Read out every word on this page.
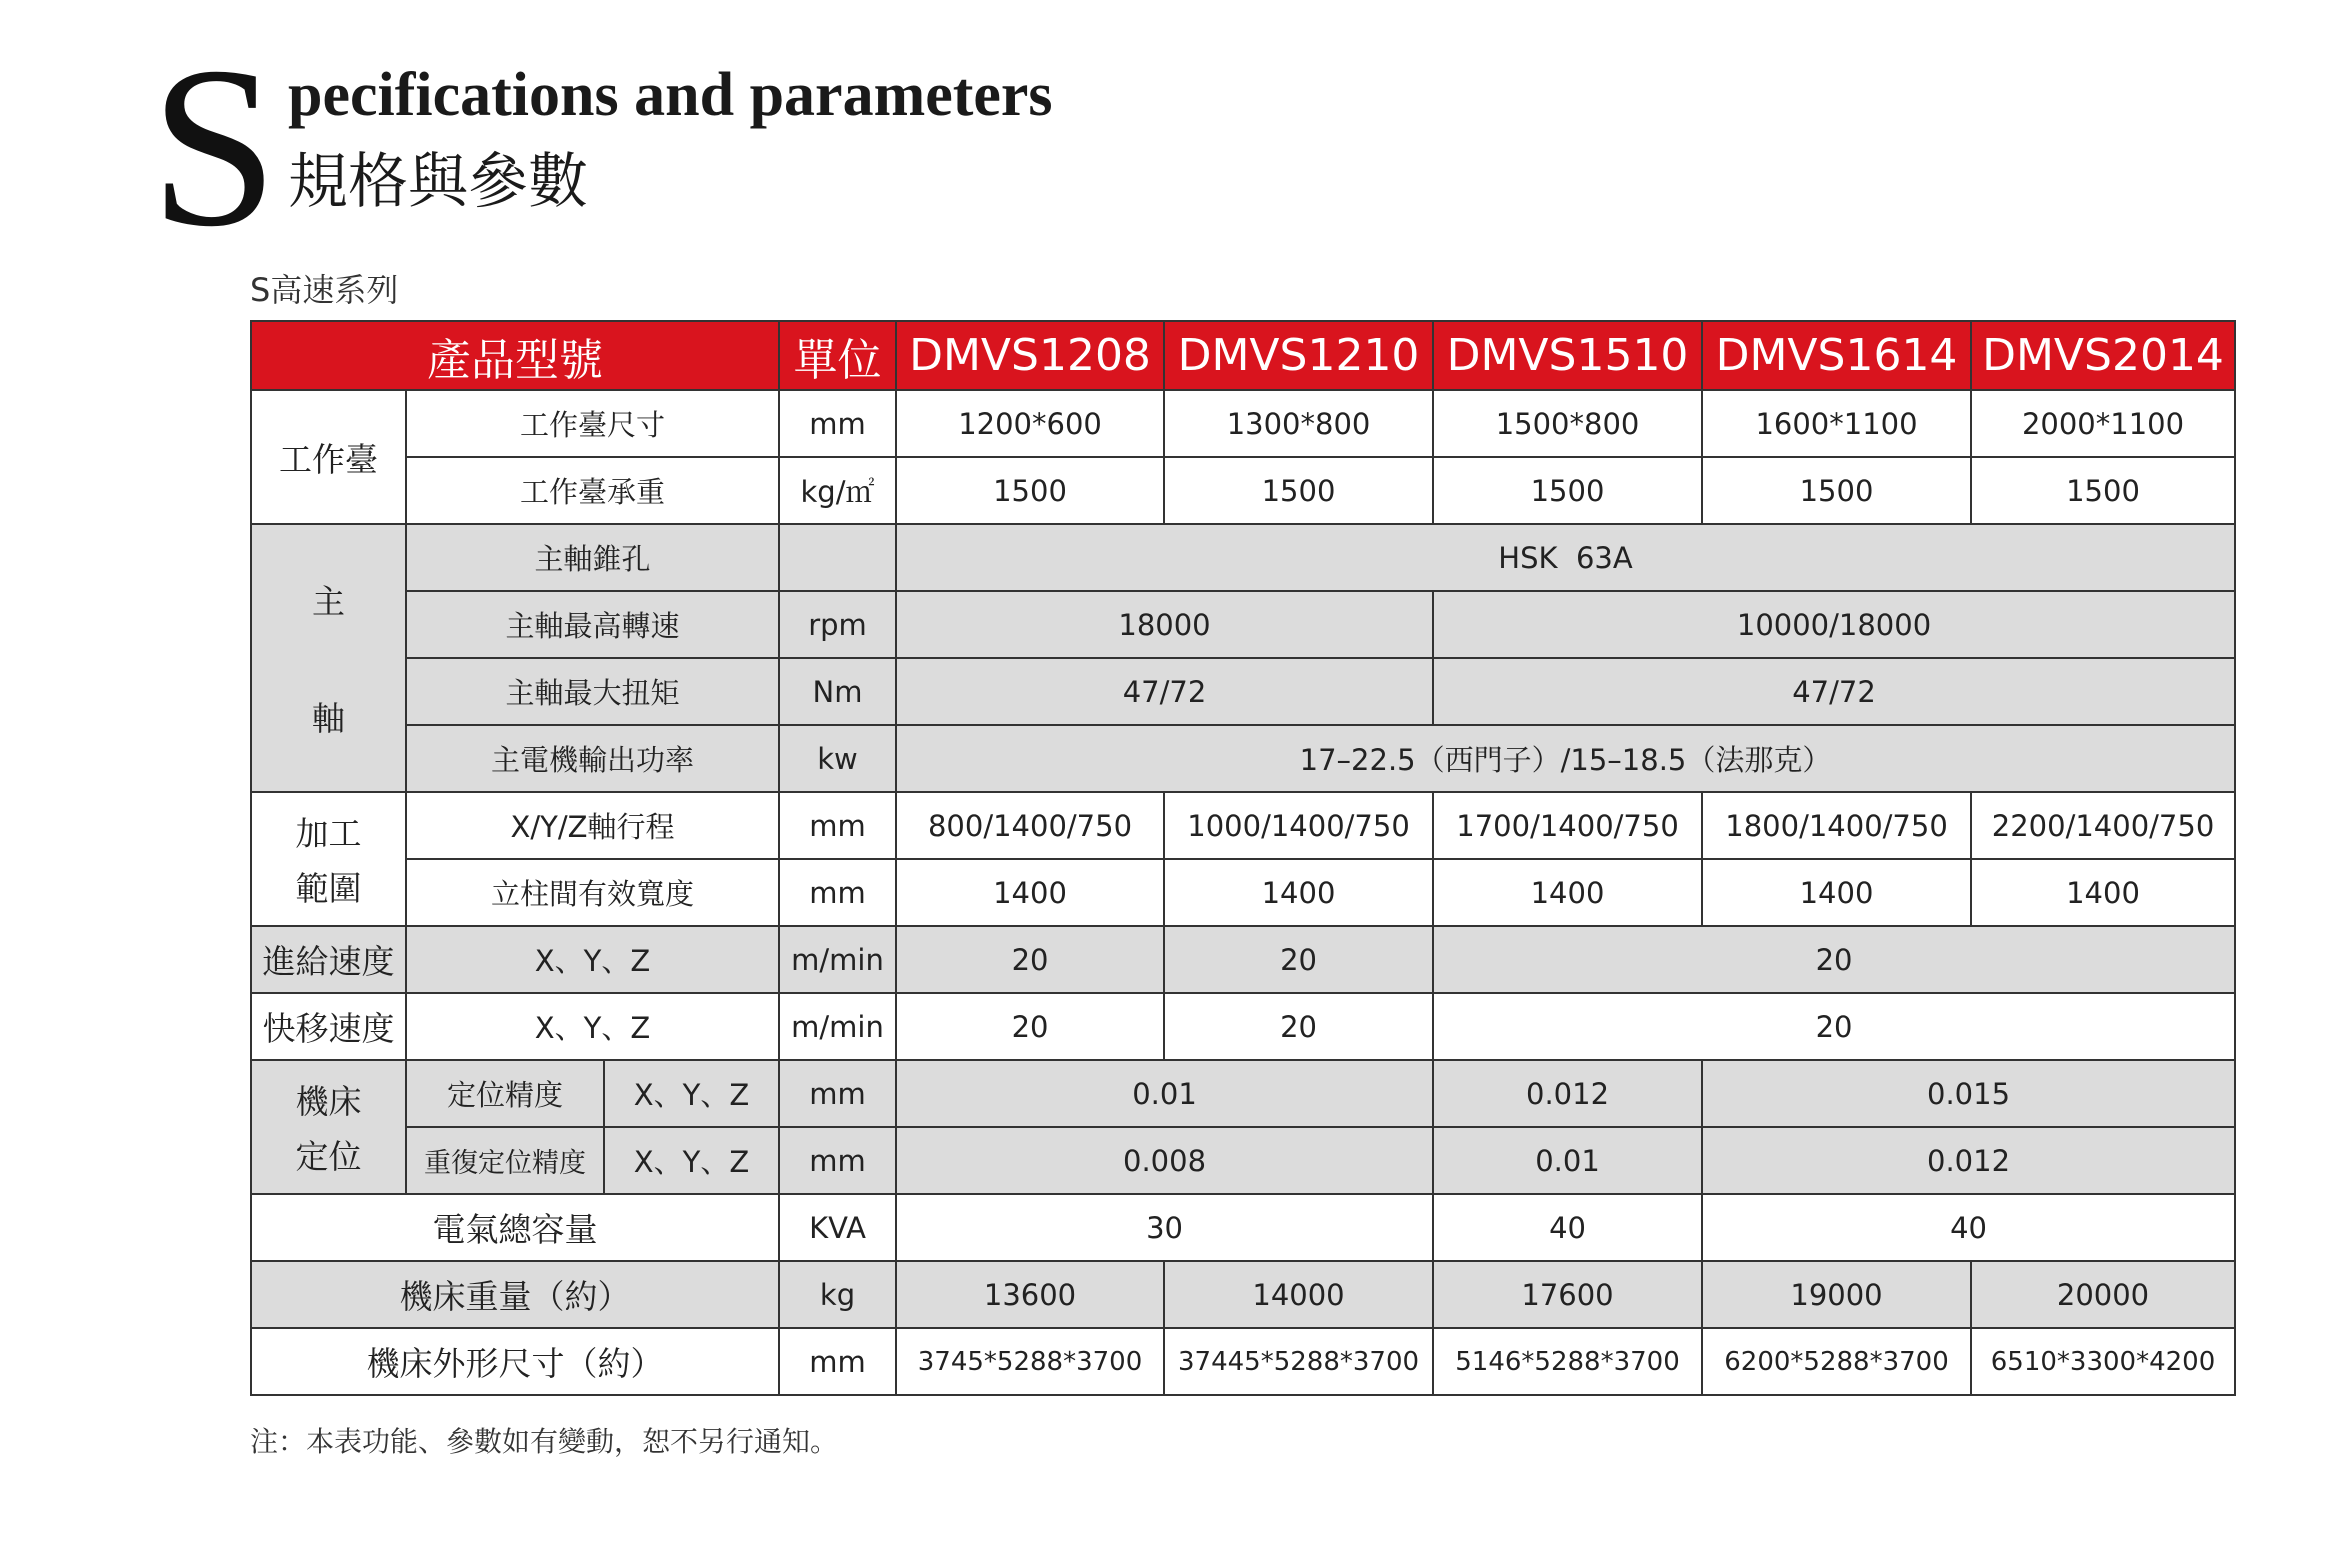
S pecifications and parameters
規格與參數
S高速系列
產品型號			單位	DMVS1208	DMVS1210	DMVS1510	DMVS1614	DMVS2014
工作臺	工作臺尺寸		mm	1200*600	1300*800	1500*800	1600*1100	2000*1100
	工作臺承重		kg/㎡	1500	1500	1500	1500	1500

主
軸	主軸錐孔			HSK  63A				
	主軸最高轉速		rpm	18000		10000/18000		
	主軸最大扭矩		Nm	47/72		47/72		
	主電機輸出功率		kw	17–22.5（西門子）/15–18.5（法那克）				

加工
範圍	X/Y/Z軸行程		mm	800/1400/750	1000/1400/750	1700/1400/750	1800/1400/750	2200/1400/750
	立柱間有效寬度		mm	1400	1400	1400	1400	1400
進給速度	X、Y、Z		m/min	20	20	20		
快移速度	X、Y、Z		m/min	20	20	20		

機床
定位	定位精度	X、Y、Z	mm	0.01		0.012	0.015	
	重復定位精度	X、Y、Z	mm	0.008		0.01	0.012	
電氣總容量			KVA	30		40	40	
機床重量（約）			kg	13600	14000	17600	19000	20000
機床外形尺寸（約）			mm	3745*5288*3700	37445*5288*3700	5146*5288*3700	6200*5288*3700	6510*3300*4200
注：本表功能、參數如有變動，恕不另行通知。
